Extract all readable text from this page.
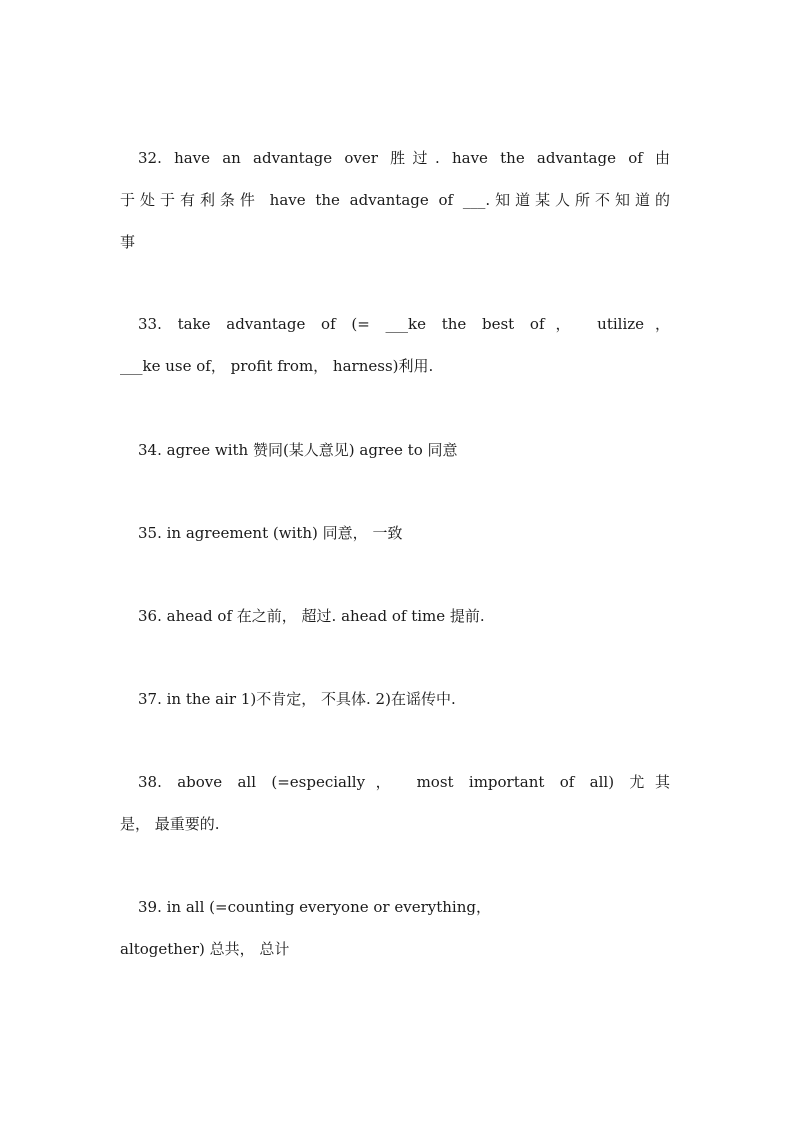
32. have an advantage over 胜过. have the advantage of 由
于处于有利条件 have the advantage of ___.知道某人所不知道的
事
33. take advantage of (= ___ke the best of， utilize，
___ke use of， profit from， harness)利用.
34. agree with 赞同(某人意见) agree to 同意
35. in agreement (with) 同意， 一致
36. ahead of 在之前， 超过. ahead of time 提前.
37. in the air 1)不肯定， 不具体. 2)在谣传中.
38. above all (=especially， most important of all) 尤其
是， 最重要的.
39. in all (=counting everyone or everything，
altogether) 总共， 总计
